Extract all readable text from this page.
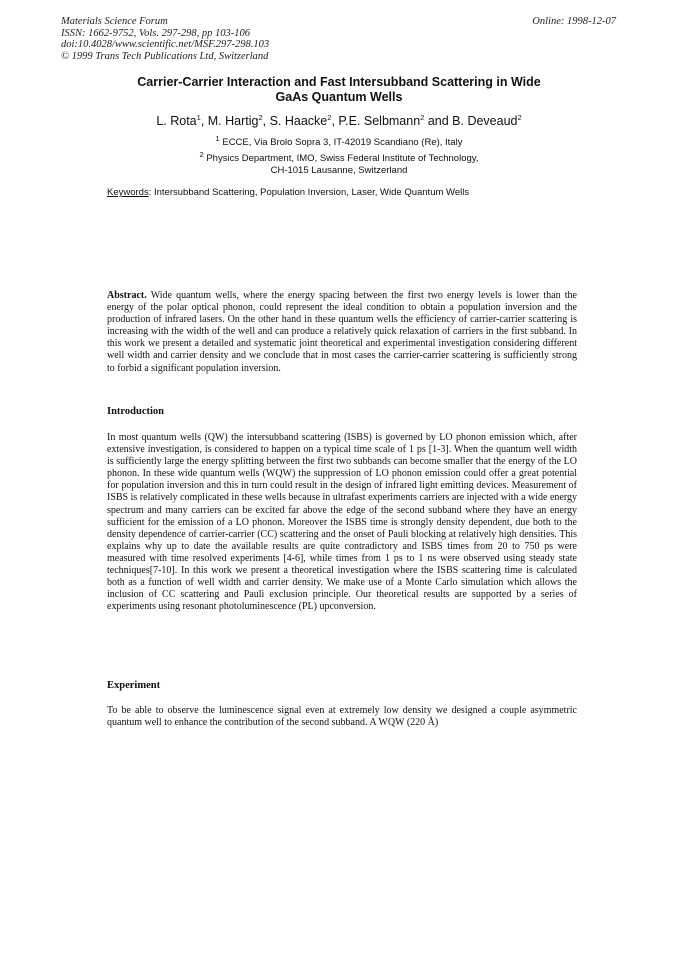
Materials Science Forum
ISSN: 1662-9752, Vols. 297-298, pp 103-106
doi:10.4028/www.scientific.net/MSF.297-298.103
© 1999 Trans Tech Publications Ltd, Switzerland
Online: 1998-12-07
Carrier-Carrier Interaction and Fast Intersubband Scattering in Wide
GaAs Quantum Wells
L. Rota$^1$, M. Hartig$^2$, S. Haacke$^2$, P.E. Selbmann$^2$ and B. Deveaud$^2$
$^1$ ECCE, Via Brolo Sopra 3, IT-42019 Scandiano (Re), Italy
$^2$ Physics Department, IMO, Swiss Federal Institute of Technology,
CH-1015 Lausanne, Switzerland
Keywords: Intersubband Scattering, Population Inversion, Laser, Wide Quantum Wells
Abstract. Wide quantum wells, where the energy spacing between the first two energy levels is lower than the energy of the polar optical phonon, could represent the ideal condition to obtain a population inversion and the production of infrared lasers. On the other hand in these quantum wells the efficiency of carrier-carrier scattering is increasing with the width of the well and can produce a relatively quick relaxation of carriers in the first subband. In this work we present a detailed and systematic joint theoretical and experimental investigation considering different well width and carrier density and we conclude that in most cases the carrier-carrier scattering is sufficiently strong to forbid a significant population inversion.
Introduction
In most quantum wells (QW) the intersubband scattering (ISBS) is governed by LO phonon emission which, after extensive investigation, is considered to happen on a typical time scale of 1 ps [1-3]. When the quantum well width is sufficiently large the energy splitting between the first two subbands can become smaller that the energy of the LO phonon. In these wide quantum wells (WQW) the suppression of LO phonon emission could offer a great potential for population inversion and this in turn could result in the design of infrared light emitting devices. Measurement of ISBS is relatively complicated in these wells because in ultrafast experiments carriers are injected with a wide energy spectrum and many carriers can be excited far above the edge of the second subband where they have an energy sufficient for the emission of a LO phonon. Moreover the ISBS time is strongly density dependent, due both to the density dependence of carrier-carrier (CC) scattering and the onset of Pauli blocking at relatively high densities. This explains why up to date the available results are quite contradictory and ISBS times from 20 to 750 ps were measured with time resolved experiments [4-6], while times from 1 ps to 1 ns were observed using steady state techniques[7-10]. In this work we present a theoretical investigation where the ISBS scattering time is calculated both as a function of well width and carrier density. We make use of a Monte Carlo simulation which allows the inclusion of CC scattering and Pauli exclusion principle. Our theoretical results are supported by a series of experiments using resonant photoluminescence (PL) upconversion.
Experiment
To be able to observe the luminescence signal even at extremely low density we designed a couple asymmetric quantum well to enhance the contribution of the second subband. A WQW (220 Å)
